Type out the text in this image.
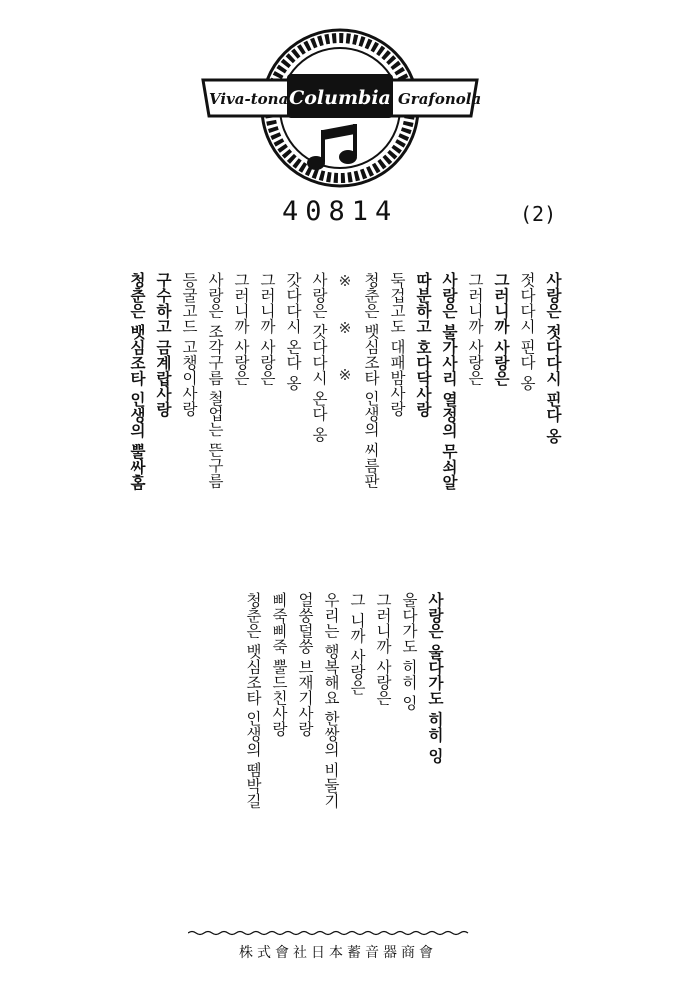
Viva-tonal
Columbia Grafonola
40814	(2)
사랑은 젓다다시 핀다 옹
젓다다시 핀다 옹
그러니까 사랑은
그러니까 사랑은
사랑은 불가사리 열정의 무쇠알
따분하고 호다닥사랑
둑겁고도 대패밤사랑
청춘은 뱃심조타 인생의 씨름판
※ ※ ※
사랑은 갓다다시 온다 옹
갓다다시 온다 옹
그러니까 사랑은
그러니까 사랑은
사랑은 조각구름 철업는 뜬구름
등굴고드 고챙이사랑
구수하고 금계랍사랑
청춘은 뱃심조타 인생의 뿔싸홈
사랑은 울다가도 히히 잉
울다가도 히히 잉
그러니까 사랑은
그 니까 사랑은
우리는 행복해요 한쌍의 비둘기
얼쑹덜쑹 브재기사랑
삐죽삐죽 뿔드친사랑
청춘은 뱃심조타 인생의 뗌박길
株式會社日本蓄音器商會
